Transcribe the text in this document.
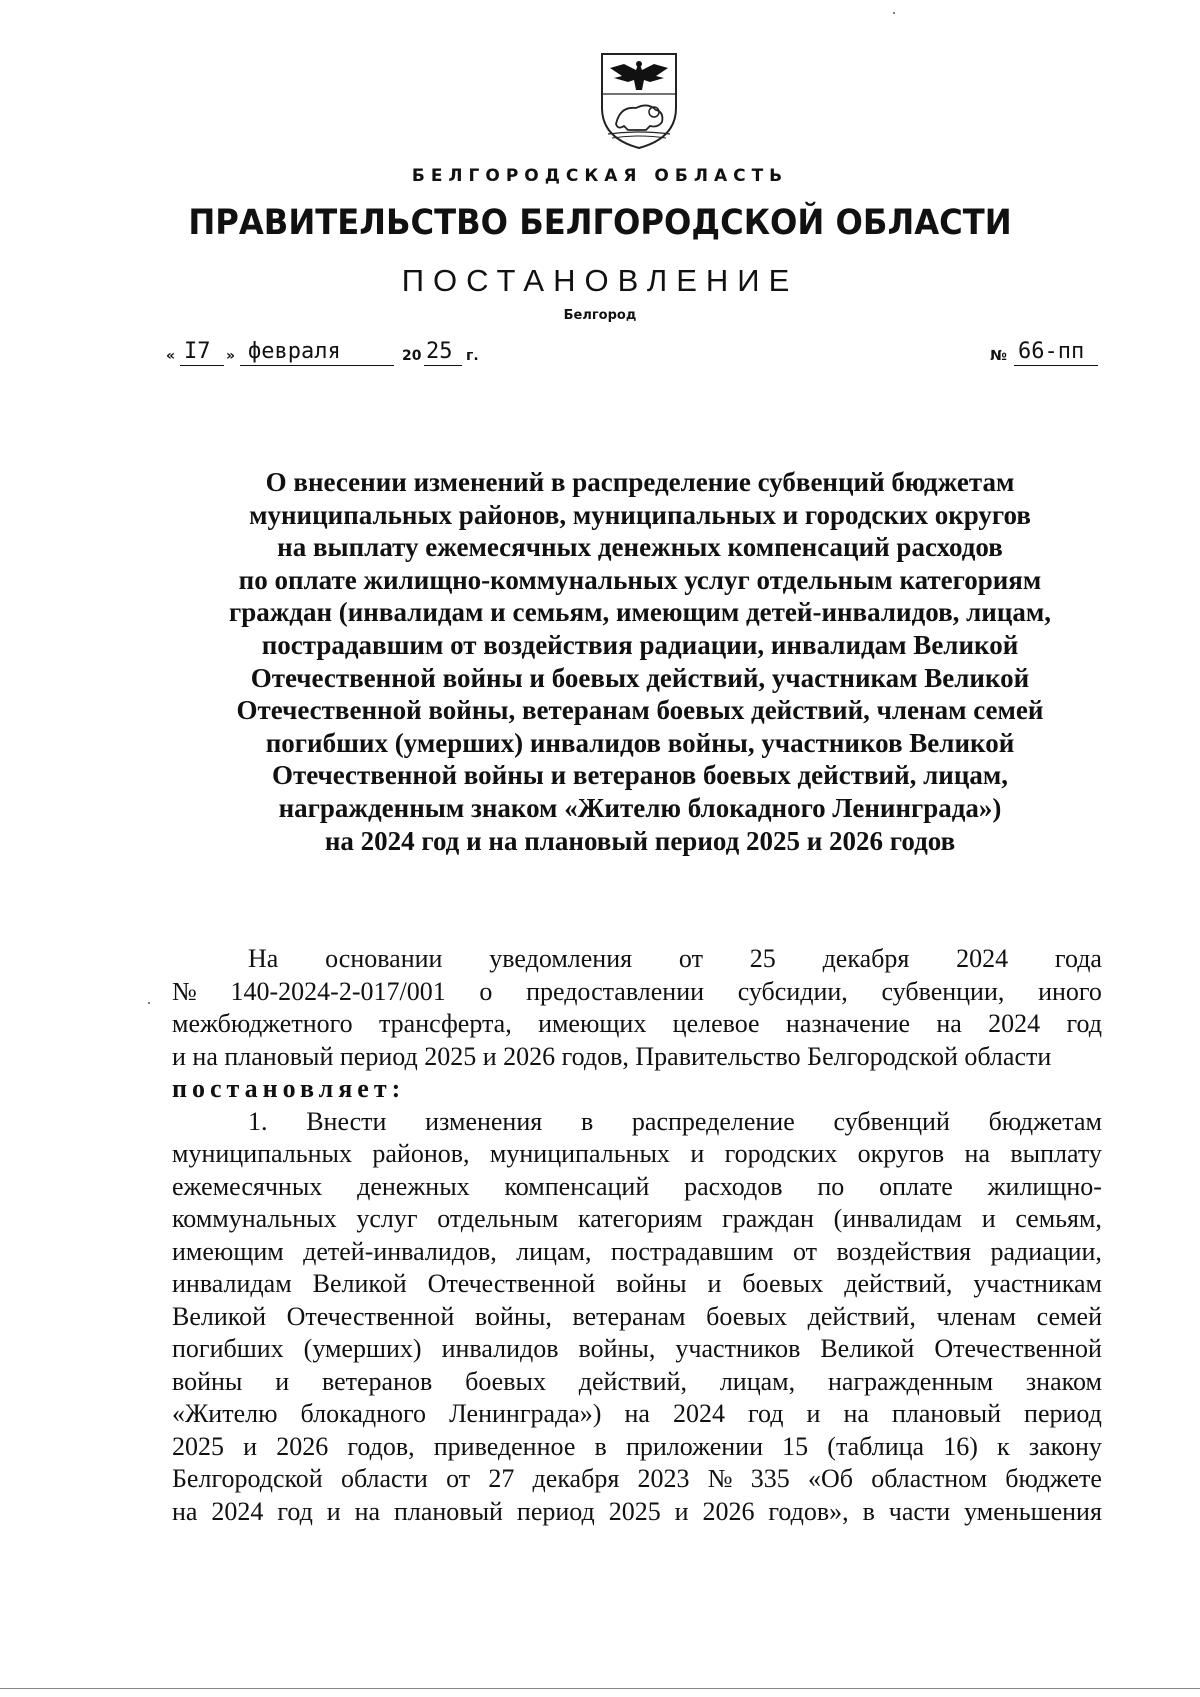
БЕЛГОРОДСКАЯ ОБЛАСТЬ
ПРАВИТЕЛЬСТВО БЕЛГОРОДСКОЙ ОБЛАСТИ
ПОСТАНОВЛЕНИЕ
Белгород
« I7 » февраля	20 25 г.	№ 66-пп
О внесении изменений в распределение субвенций бюджетам
муниципальных районов, муниципальных и городских округов
на выплату ежемесячных денежных компенсаций расходов
по оплате жилищно-коммунальных услуг отдельным категориям
граждан (инвалидам и семьям, имеющим детей-инвалидов, лицам,
пострадавшим от воздействия радиации, инвалидам Великой
Отечественной войны и боевых действий, участникам Великой
Отечественной войны, ветеранам боевых действий, членам семей
погибших (умерших) инвалидов войны, участников Великой
Отечественной войны и ветеранов боевых действий, лицам,
награжденным знаком «Жителю блокадного Ленинграда»)
на 2024 год и на плановый период 2025 и 2026 годов
На основании уведомления от 25 декабря 2024 года
№ 140-2024-2-017/001 о предоставлении субсидии, субвенции, иного
межбюджетного трансферта, имеющих целевое назначение на 2024 год
и на плановый период 2025 и 2026 годов, Правительство Белгородской области
постановляет:
1. Внести изменения в распределение субвенций бюджетам
муниципальных районов, муниципальных и городских округов на выплату
ежемесячных денежных компенсаций расходов по оплате жилищно-
коммунальных услуг отдельным категориям граждан (инвалидам и семьям,
имеющим детей-инвалидов, лицам, пострадавшим от воздействия радиации,
инвалидам Великой Отечественной войны и боевых действий, участникам
Великой Отечественной войны, ветеранам боевых действий, членам семей
погибших (умерших) инвалидов войны, участников Великой Отечественной
войны и ветеранов боевых действий, лицам, награжденным знаком
«Жителю блокадного Ленинграда») на 2024 год и на плановый период
2025 и 2026 годов, приведенное в приложении 15 (таблица 16) к закону
Белгородской области от 27 декабря 2023 № 335 «Об областном бюджете
на 2024 год и на плановый период 2025 и 2026 годов», в части уменьшения
